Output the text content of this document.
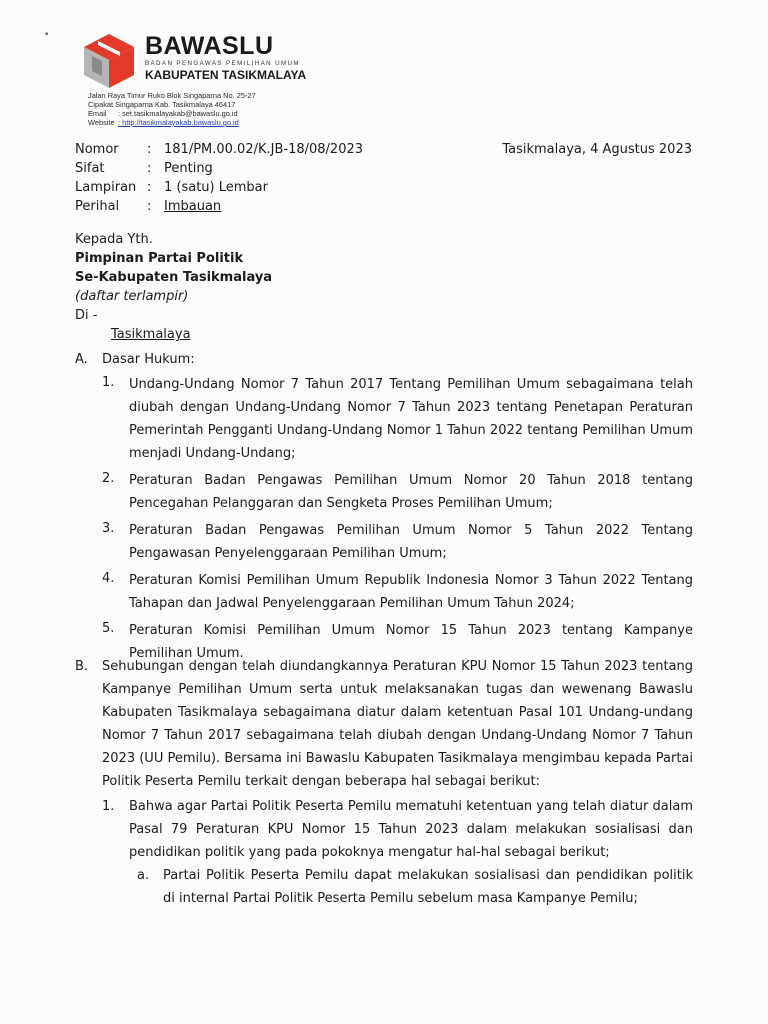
•	BAWASLU
BADAN PENGAWAS PEMILIHAN UMUM
KABUPATEN TASIKMALAYA
Jalan Raya Timur Ruko Blok Singaparna No. 25-27
Cipakat Singaparna Kab. Tasikmalaya 46417
Email	: set.tasikmalayakab@bawaslu.go.id
Website : http://tasikmalayakab.bawaslu.go.id
Nomor	: 181/PM.00.02/K.JB-18/08/2023
Sifat	: Penting
Lampiran : 1 (satu) Lembar
Perihal	: Imbauan
Tasikmalaya, 4 Agustus 2023
Kepada Yth.
Pimpinan Partai Politik
Se-Kabupaten Tasikmalaya
(daftar terlampir)
Di -
Tasikmalaya
A.	Dasar Hukum:
1.	Undang-Undang Nomor 7 Tahun 2017 Tentang Pemilihan Umum sebagaimana telah diubah dengan Undang-Undang Nomor 7 Tahun 2023 tentang Penetapan Peraturan Pemerintah Pengganti Undang-Undang Nomor 1 Tahun 2022 tentang Pemilihan Umum menjadi Undang-Undang;
2.	Peraturan Badan Pengawas Pemilihan Umum Nomor 20 Tahun 2018 tentang Pencegahan Pelanggaran dan Sengketa Proses Pemilihan Umum;
3.	Peraturan Badan Pengawas Pemilihan Umum Nomor 5 Tahun 2022 Tentang Pengawasan Penyelenggaraan Pemilihan Umum;
4.	Peraturan Komisi Pemilihan Umum Republik Indonesia Nomor 3 Tahun 2022 Tentang Tahapan dan Jadwal Penyelenggaraan Pemilihan Umum Tahun 2024;
5.	Peraturan Komisi Pemilihan Umum Nomor 15 Tahun 2023 tentang Kampanye Pemilihan Umum.
B.	Sehubungan dengan telah diundangkannya Peraturan KPU Nomor 15 Tahun 2023 tentang Kampanye Pemilihan Umum serta untuk melaksanakan tugas dan wewenang Bawaslu Kabupaten Tasikmalaya sebagaimana diatur dalam ketentuan Pasal 101 Undang-undang Nomor 7 Tahun 2017 sebagaimana telah diubah dengan Undang-Undang Nomor 7 Tahun 2023 (UU Pemilu). Bersama ini Bawaslu Kabupaten Tasikmalaya mengimbau kepada Partai Politik Peserta Pemilu terkait dengan beberapa hal sebagai berikut:
1.	Bahwa agar Partai Politik Peserta Pemilu mematuhi ketentuan yang telah diatur dalam Pasal 79 Peraturan KPU Nomor 15 Tahun 2023 dalam melakukan sosialisasi dan pendidikan politik yang pada pokoknya mengatur hal-hal sebagai berikut;
a.	Partai Politik Peserta Pemilu dapat melakukan sosialisasi dan pendidikan politik di internal Partai Politik Peserta Pemilu sebelum masa Kampanye Pemilu;
